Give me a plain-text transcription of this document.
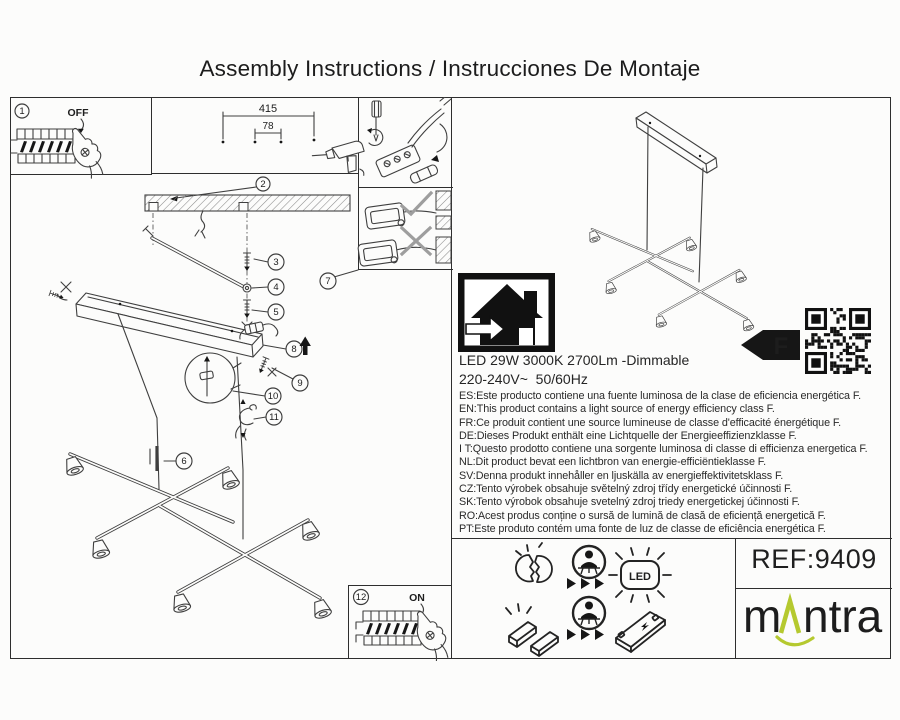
Assembly Instructions / Instrucciones De Montaje
1	OFF	415
78
2
3
4
5
7
8
9
10
11
6
12	ON
F
LED 29W 3000K 2700Lm -Dimmable
220-240V~  50/60Hz
ES:Este producto contiene una fuente luminosa de la clase de eficiencia energética F.
EN:This product contains a light source of energy efficiency class F.
FR:Ce produit contient une source lumineuse de classe d'efficacité énergétique F.
DE:Dieses Produkt enthält eine Lichtquelle der Energieeffizienzklasse F.
I T:Questo prodotto contiene una sorgente luminosa di classe di efficienza energetica F.
NL:Dit product bevat een lichtbron van energie-efficiëntieklasse F.
SV:Denna produkt innehåller en ljuskälla av energieffektivitetsklass F.
CZ:Tento výrobek obsahuje světelný zdroj třídy energetické účinnosti F.
SK:Tento výrobok obsahuje svetelný zdroj triedy energetickej účinnosti F.
RO:Acest produs conține o sursă de lumină de clasă de eficiență energetică F.
PT:Este produto contém uma fonte de luz de classe de eficiência energética F.
LED
REF:9409
m ntra
